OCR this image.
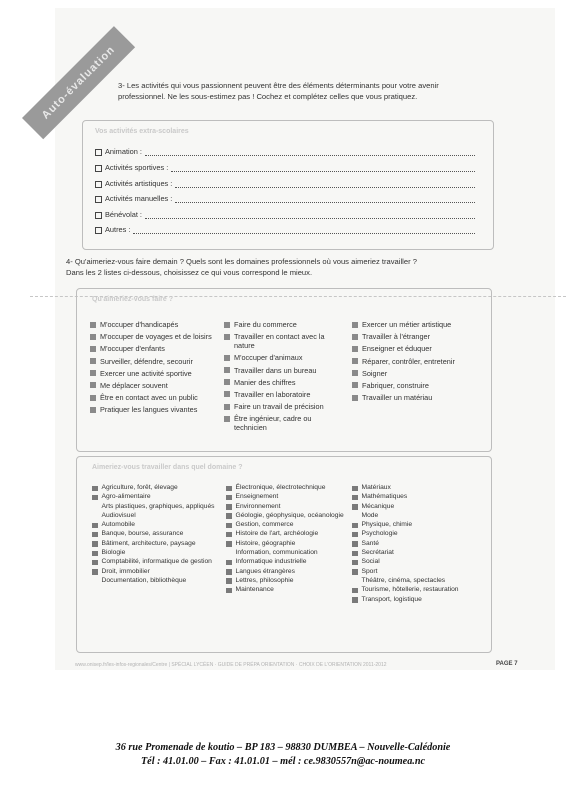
Auto-évaluation 3- Les activités qui vous passionnent peuvent être des éléments déterminants pour votre avenir
professionnel. Ne les sous-estimez pas ! Cochez et complétez celles que vous pratiquez.
Vos activités extra-scolaires
Animation :
Activités sportives :
Activités artistiques :
Activités manuelles :
Bénévolat :
Autres :
4- Qu'aimeriez-vous faire demain ? Quels sont les domaines professionnels où vous aimeriez travailler ?
Dans les 2 listes ci-dessous, choisissez ce qui vous correspond le mieux.
Qu'aimeriez-vous faire ?
M'occuper d'handicapés
M'occuper de voyages et de loisirs
M'occuper d'enfants
Surveiller, défendre, secourir
Exercer une activité sportive
Me déplacer souvent
Être en contact avec un public
Pratiquer les langues vivantes
Faire du commerce
Travailler en contact avec la nature
M'occuper d'animaux
Travailler dans un bureau
Manier des chiffres
Travailler en laboratoire
Faire un travail de précision
Être ingénieur, cadre ou technicien
Exercer un métier artistique
Travailler à l'étranger
Enseigner et éduquer
Réparer, contrôler, entretenir
Soigner
Fabriquer, construire
Travailler un matériau
Aimeriez-vous travailler dans quel domaine ?
Agriculture, forêt, élevage
Agro-alimentaire
Arts plastiques, graphiques, appliqués
Audiovisuel
Automobile
Banque, bourse, assurance
Bâtiment, architecture, paysage
Biologie
Comptabilité, informatique de gestion
Droit, immobilier
Documentation, bibliothèque
Électronique, électrotechnique
Enseignement
Environnement
Géologie, géophysique, océanologie
Gestion, commerce
Histoire de l'art, archéologie
Histoire, géographie
Information, communication
Informatique industrielle
Langues étrangères
Lettres, philosophie
Maintenance
Matériaux
Mathématiques
Mécanique
Mode
Physique, chimie
Psychologie
Santé
Secrétariat
Social
Sport
Théâtre, cinéma, spectacles
Tourisme, hôtellerie, restauration
Transport, logistique
www.onisep.fr/les-infos-regionales/Centre | SPÉCIAL LYCÉEN · GUIDE DE PRÉPA ORIENTATION · CHOIX DE L'ORIENTATION 2011-2012	PAGE 7
36 rue Promenade de koutio – BP 183 – 98830 DUMBEA – Nouvelle-Calédonie
Tél : 41.01.00 – Fax : 41.01.01 – mél : ce.9830557n@ac-noumea.nc
